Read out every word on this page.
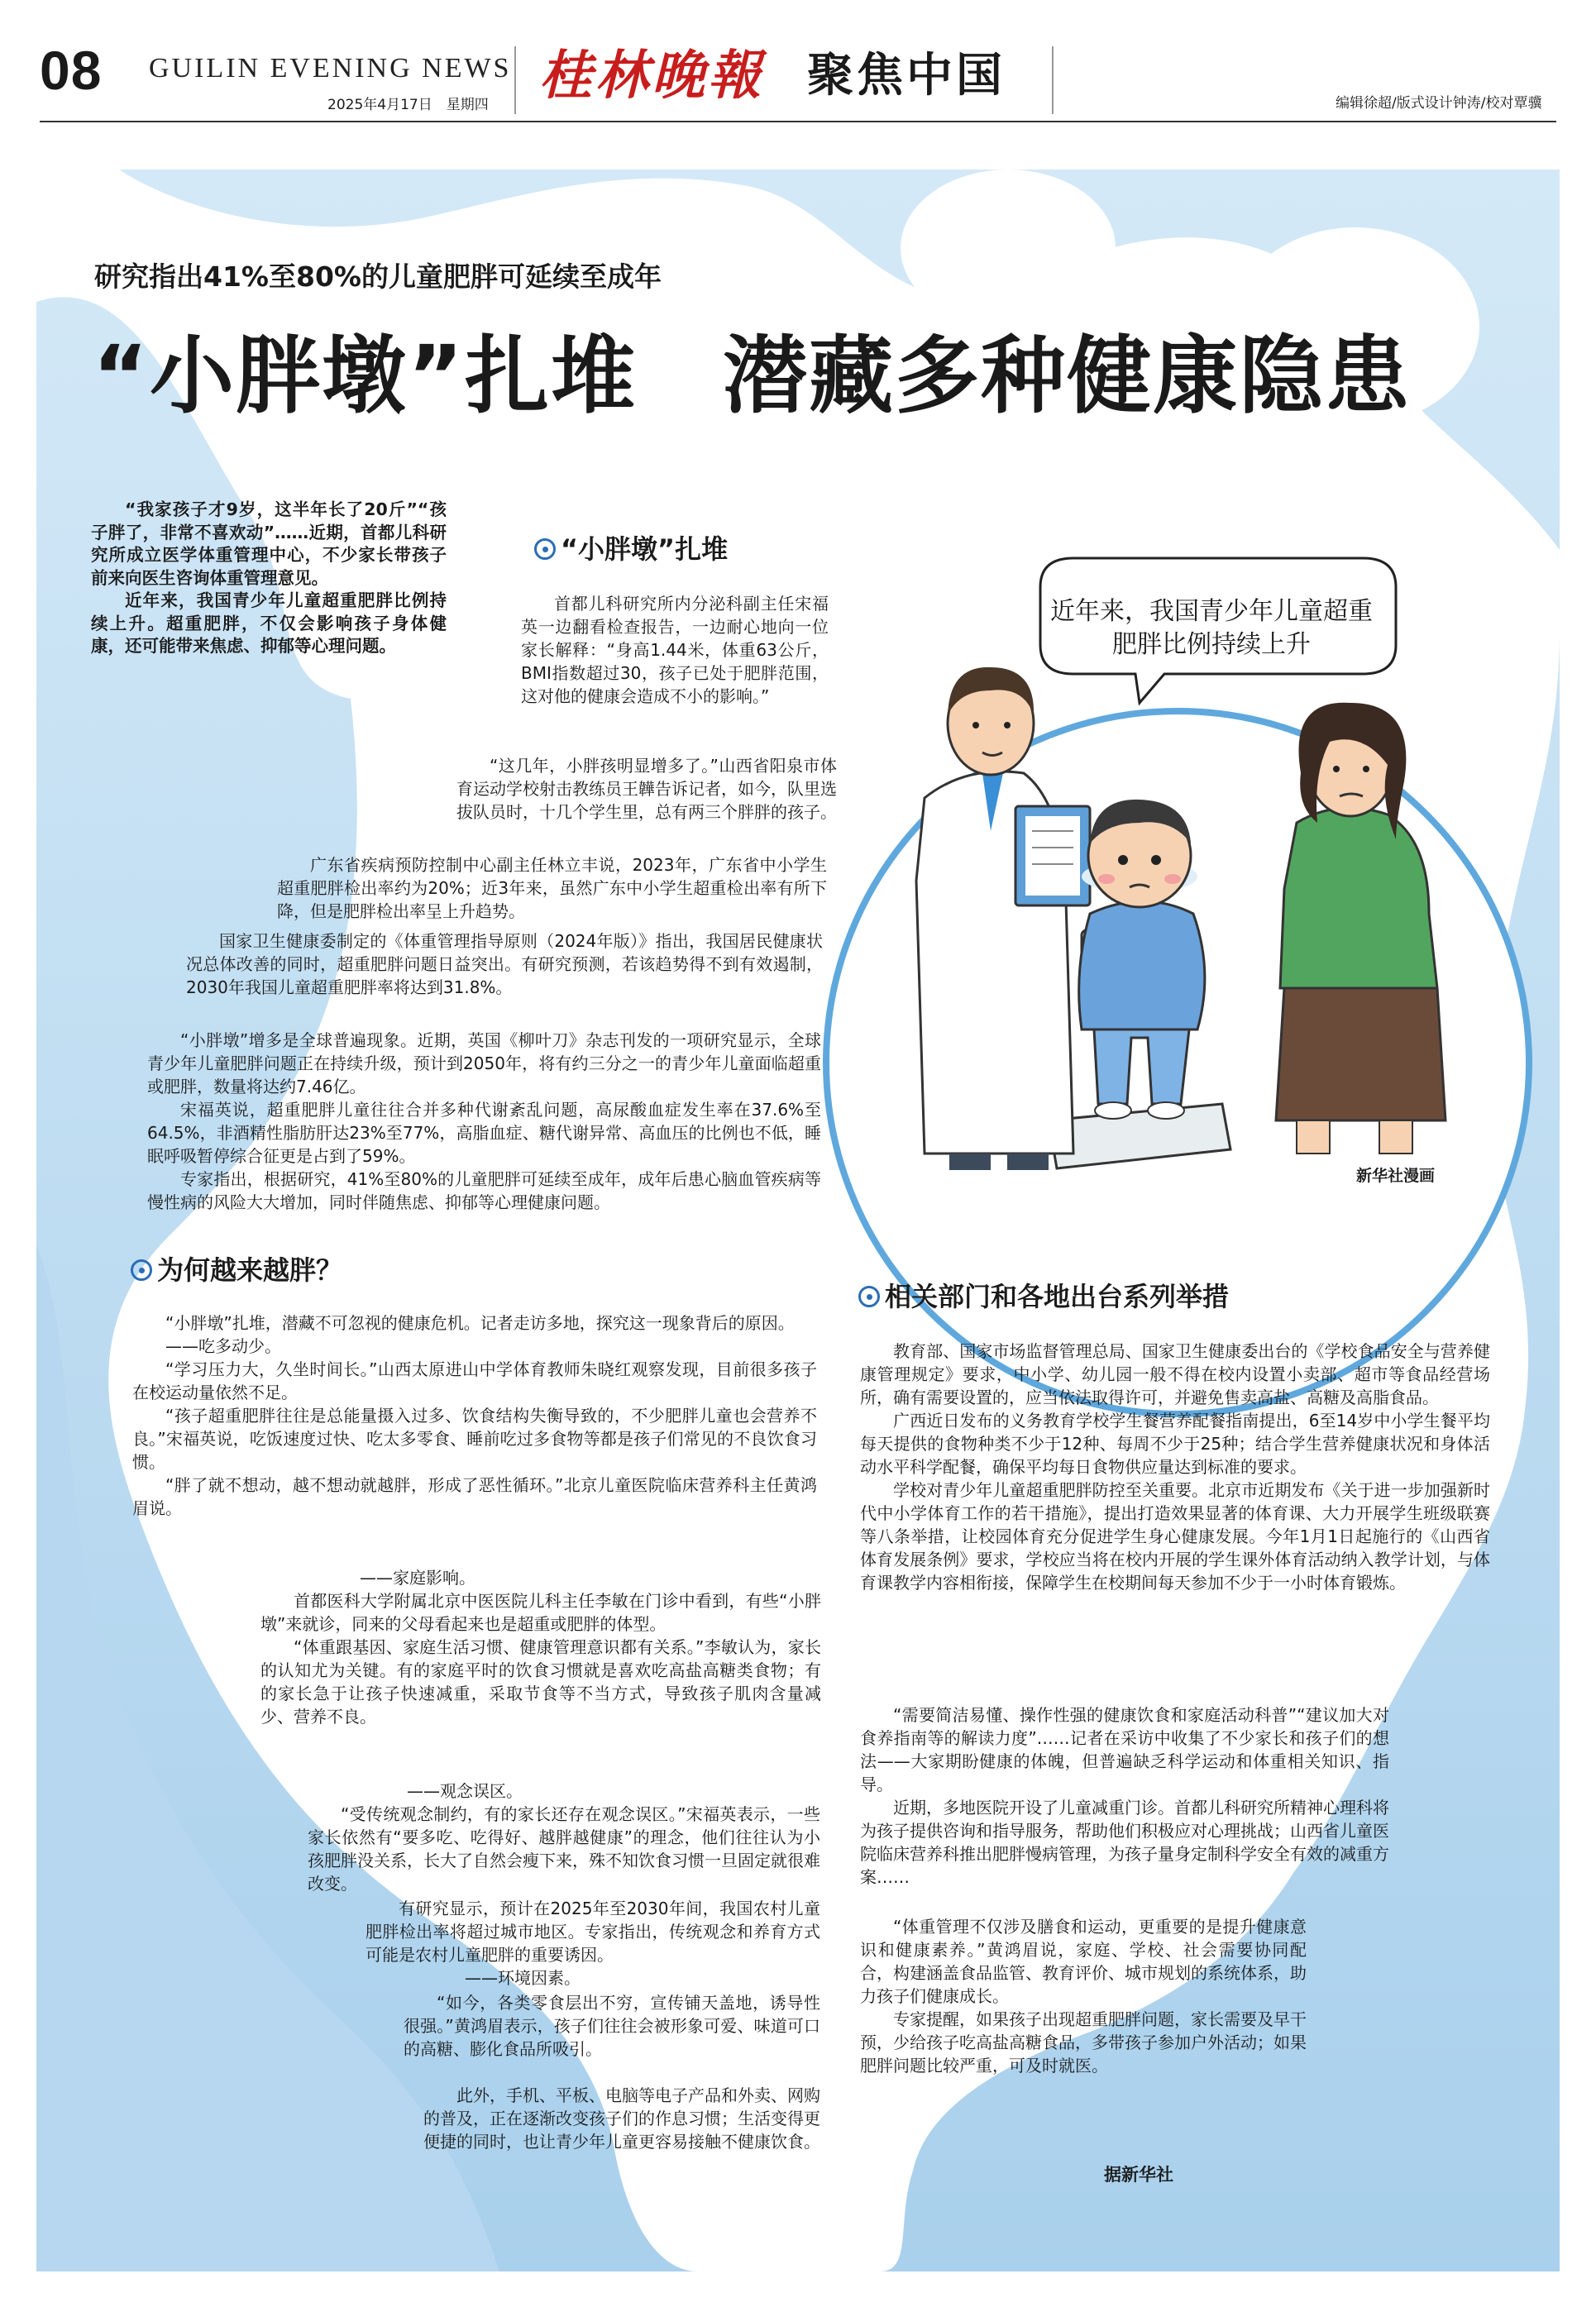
08 GUILIN EVENING NEWS
2025年4月17日　星期四 桂林晚報 聚焦中国
编辑徐超/版式设计钟涛/校对覃骥
研究指出41%至80%的儿童肥胖可延续至成年
“小胖墩”扎堆　潜藏多种健康隐患

“我家孩子才9岁，这半年长了20斤”“孩子胖了，非常不喜欢动”……近期，首都儿科研究所成立医学体重管理中心，不少家长带孩子前来向医生咨询体重管理意见。

近年来，我国青少年儿童超重肥胖比例持续上升。超重肥胖，不仅会影响孩子身体健康，还可能带来焦虑、抑郁等心理问题。

“小胖墩”扎堆

首都儿科研究所内分泌科副主任宋福英一边翻看检查报告，一边耐心地向一位家长解释：“身高1.44米，体重63公斤，BMI指数超过30，孩子已处于肥胖范围，这对他的健康会造成不小的影响。”

“这几年，小胖孩明显增多了。”山西省阳泉市体育运动学校射击教练员王韡告诉记者，如今，队里选拔队员时，十几个学生里，总有两三个胖胖的孩子。

广东省疾病预防控制中心副主任林立丰说，2023年，广东省中小学生超重肥胖检出率约为20%；近3年来，虽然广东中小学生超重检出率有所下降，但是肥胖检出率呈上升趋势。

国家卫生健康委制定的《体重管理指导原则（2024年版）》指出，我国居民健康状况总体改善的同时，超重肥胖问题日益突出。有研究预测，若该趋势得不到有效遏制，2030年我国儿童超重肥胖率将达到31.8%。

“小胖墩”增多是全球普遍现象。近期，英国《柳叶刀》杂志刊发的一项研究显示，全球青少年儿童肥胖问题正在持续升级，预计到2050年，将有约三分之一的青少年儿童面临超重或肥胖，数量将达约7.46亿。

宋福英说，超重肥胖儿童往往合并多种代谢紊乱问题，高尿酸血症发生率在37.6%至64.5%，非酒精性脂肪肝达23%至77%，高脂血症、糖代谢异常、高血压的比例也不低，睡眠呼吸暂停综合征更是占到了59%。

专家指出，根据研究，41%至80%的儿童肥胖可延续至成年，成年后患心脑血管疾病等慢性病的风险大大增加，同时伴随焦虑、抑郁等心理健康问题。

近年来，我国青少年儿童超重肥胖比例持续上升
新华社漫画
为何越来越胖？

“小胖墩”扎堆，潜藏不可忽视的健康危机。记者走访多地，探究这一现象背后的原因。

——吃多动少。

“学习压力大，久坐时间长。”山西太原进山中学体育教师朱晓红观察发现，目前很多孩子在校运动量依然不足。

“孩子超重肥胖往往是总能量摄入过多、饮食结构失衡导致的，不少肥胖儿童也会营养不良。”宋福英说，吃饭速度过快、吃太多零食、睡前吃过多食物等都是孩子们常见的不良饮食习惯。

“胖了就不想动，越不想动就越胖，形成了恶性循环。”北京儿童医院临床营养科主任黄鸿眉说。

——家庭影响。

首都医科大学附属北京中医医院儿科主任李敏在门诊中看到，有些“小胖墩”来就诊，同来的父母看起来也是超重或肥胖的体型。

“体重跟基因、家庭生活习惯、健康管理意识都有关系。”李敏认为，家长的认知尤为关键。有的家庭平时的饮食习惯就是喜欢吃高盐高糖类食物；有的家长急于让孩子快速减重，采取节食等不当方式，导致孩子肌肉含量减少、营养不良。

——观念误区。

“受传统观念制约，有的家长还存在观念误区。”宋福英表示，一些家长依然有“要多吃、吃得好、越胖越健康”的理念，他们往往认为小孩肥胖没关系，长大了自然会瘦下来，殊不知饮食习惯一旦固定就很难改变。

有研究显示，预计在2025年至2030年间，我国农村儿童肥胖检出率将超过城市地区。专家指出，传统观念和养育方式可能是农村儿童肥胖的重要诱因。

——环境因素。

“如今，各类零食层出不穷，宣传铺天盖地，诱导性很强。”黄鸿眉表示，孩子们往往会被形象可爱、味道可口的高糖、膨化食品所吸引。

此外，手机、平板、电脑等电子产品和外卖、网购的普及，正在逐渐改变孩子们的作息习惯；生活变得更便捷的同时，也让青少年儿童更容易接触不健康饮食。

相关部门和各地出台系列举措

教育部、国家市场监督管理总局、国家卫生健康委出台的《学校食品安全与营养健康管理规定》要求，中小学、幼儿园一般不得在校内设置小卖部、超市等食品经营场所，确有需要设置的，应当依法取得许可，并避免售卖高盐、高糖及高脂食品。

广西近日发布的义务教育学校学生餐营养配餐指南提出，6至14岁中小学生餐平均每天提供的食物种类不少于12种、每周不少于25种；结合学生营养健康状况和身体活动水平科学配餐，确保平均每日食物供应量达到标准的要求。

学校对青少年儿童超重肥胖防控至关重要。北京市近期发布《关于进一步加强新时代中小学体育工作的若干措施》，提出打造效果显著的体育课、大力开展学生班级联赛等八条举措，让校园体育充分促进学生身心健康发展。今年1月1日起施行的《山西省体育发展条例》要求，学校应当将在校内开展的学生课外体育活动纳入教学计划，与体育课教学内容相衔接，保障学生在校期间每天参加不少于一小时体育锻炼。

“需要简洁易懂、操作性强的健康饮食和家庭活动科普”“建议加大对食养指南等的解读力度”……记者在采访中收集了不少家长和孩子们的想法——大家期盼健康的体魄，但普遍缺乏科学运动和体重相关知识、指导。

近期，多地医院开设了儿童减重门诊。首都儿科研究所精神心理科将为孩子提供咨询和指导服务，帮助他们积极应对心理挑战；山西省儿童医院临床营养科推出肥胖慢病管理，为孩子量身定制科学安全有效的减重方案……

“体重管理不仅涉及膳食和运动，更重要的是提升健康意识和健康素养。”黄鸿眉说，家庭、学校、社会需要协同配合，构建涵盖食品监管、教育评价、城市规划的系统体系，助力孩子们健康成长。

专家提醒，如果孩子出现超重肥胖问题，家长需要及早干预，少给孩子吃高盐高糖食品，多带孩子参加户外活动；如果肥胖问题比较严重，可及时就医。

据新华社
